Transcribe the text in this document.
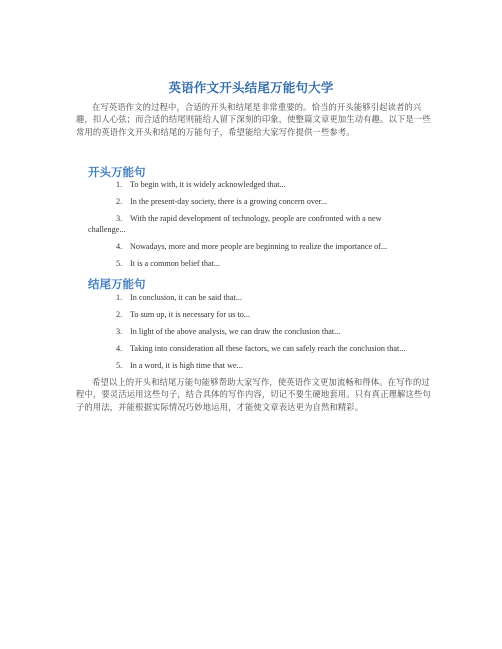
英语作文开头结尾万能句大学
在写英语作文的过程中，合适的开头和结尾是非常重要的。恰当的开头能够引起读者的兴趣，扣人心弦；而合适的结尾则能给人留下深刻的印象，使整篇文章更加生动有趣。以下是一些常用的英语作文开头和结尾的万能句子，希望能给大家写作提供一些参考。
开头万能句
1. To begin with, it is widely acknowledged that...
2. In the present-day society, there is a growing concern over...
3. With the rapid development of technology, people are confronted with a new challenge...
4. Nowadays, more and more people are beginning to realize the importance of...
5. It is a common belief that...
结尾万能句
1. In conclusion, it can be said that...
2. To sum up, it is necessary for us to...
3. In light of the above analysis, we can draw the conclusion that...
4. Taking into consideration all these factors, we can safely reach the conclusion that...
5. In a word, it is high time that we...
希望以上的开头和结尾万能句能够帮助大家写作，使英语作文更加流畅和得体。在写作的过程中，要灵活运用这些句子，结合具体的写作内容，切记不要生硬地套用。只有真正理解这些句子的用法，并能根据实际情况巧妙地运用，才能使文章表达更为自然和精彩。
